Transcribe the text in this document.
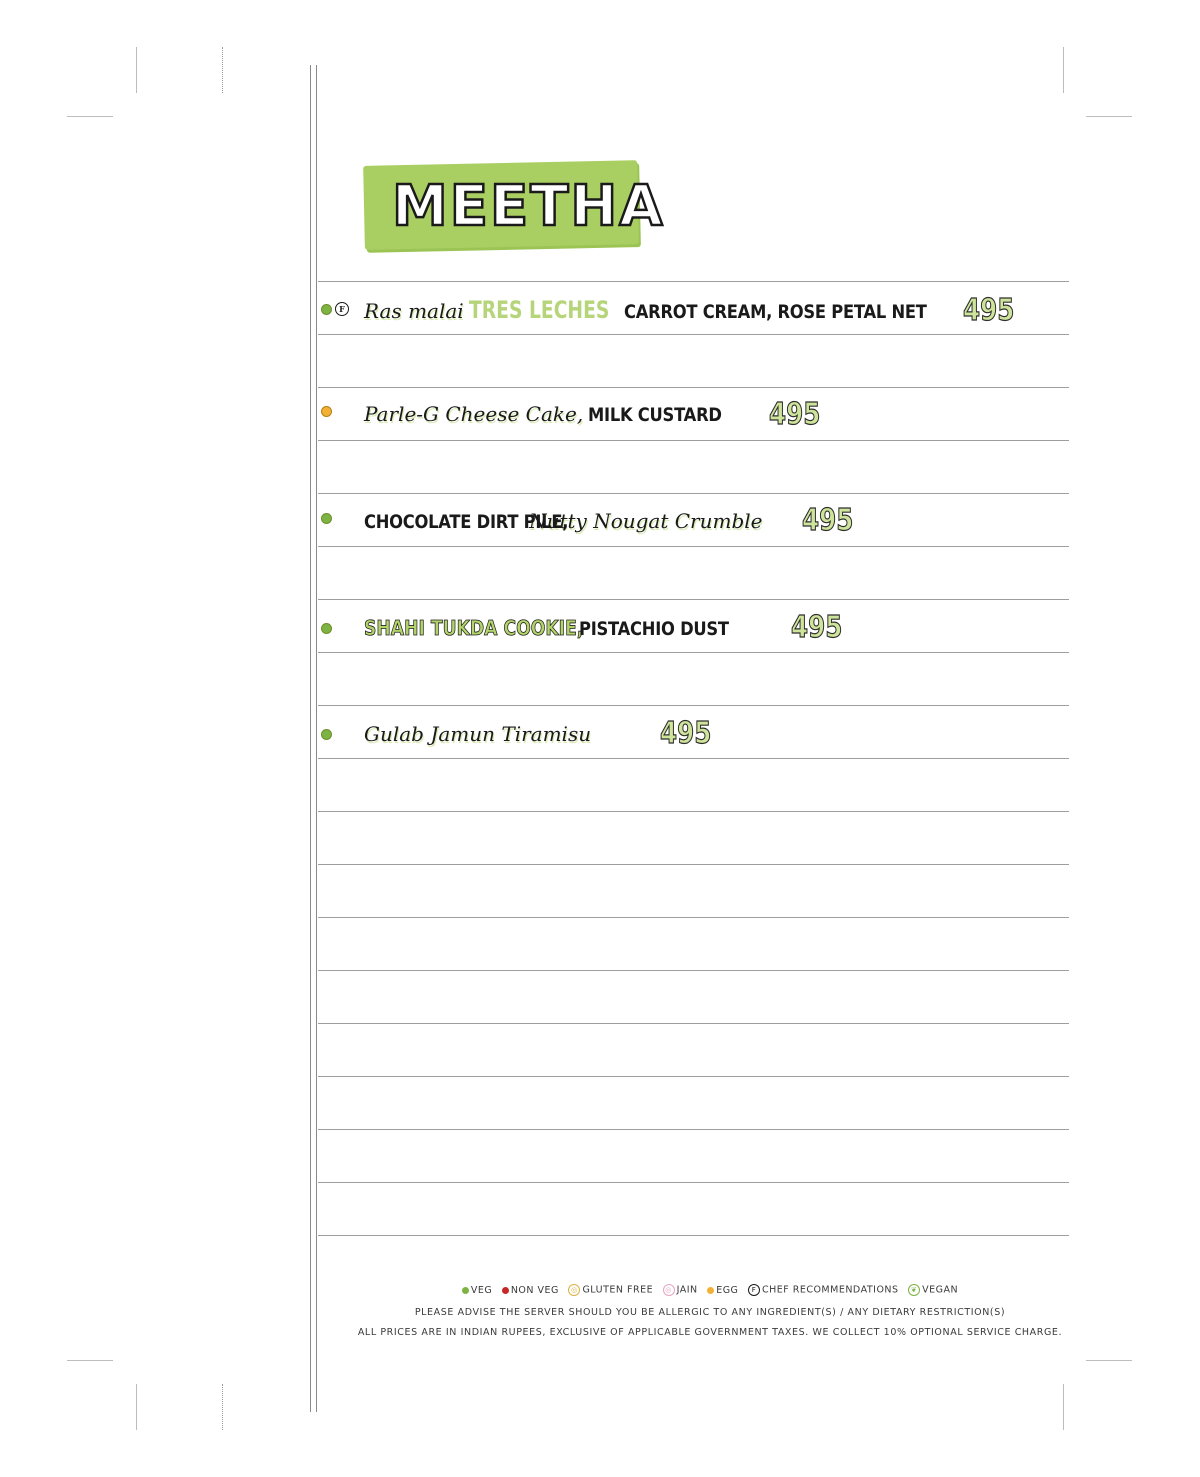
MEETHA
F Ras malai TRES LECHES CARROT CREAM, ROSE PETAL NET	495
Parle-G Cheese Cake, MILK CUSTARD	495
CHOCOLATE DIRT PILE, Nutty Nougat Crumble 495
SHAHI TUKDA COOKIE, PISTACHIO DUST	495
Gulab Jamun Tiramisu 495
VEG NON VEG ◎ GLUTEN FREE ◎ JAIN EGG F CHEF RECOMMENDATIONS ❦ VEGAN
PLEASE ADVISE THE SERVER SHOULD YOU BE ALLERGIC TO ANY INGREDIENT(S) / ANY DIETARY RESTRICTION(S)
ALL PRICES ARE IN INDIAN RUPEES, EXCLUSIVE OF APPLICABLE GOVERNMENT TAXES. WE COLLECT 10% OPTIONAL SERVICE CHARGE.
